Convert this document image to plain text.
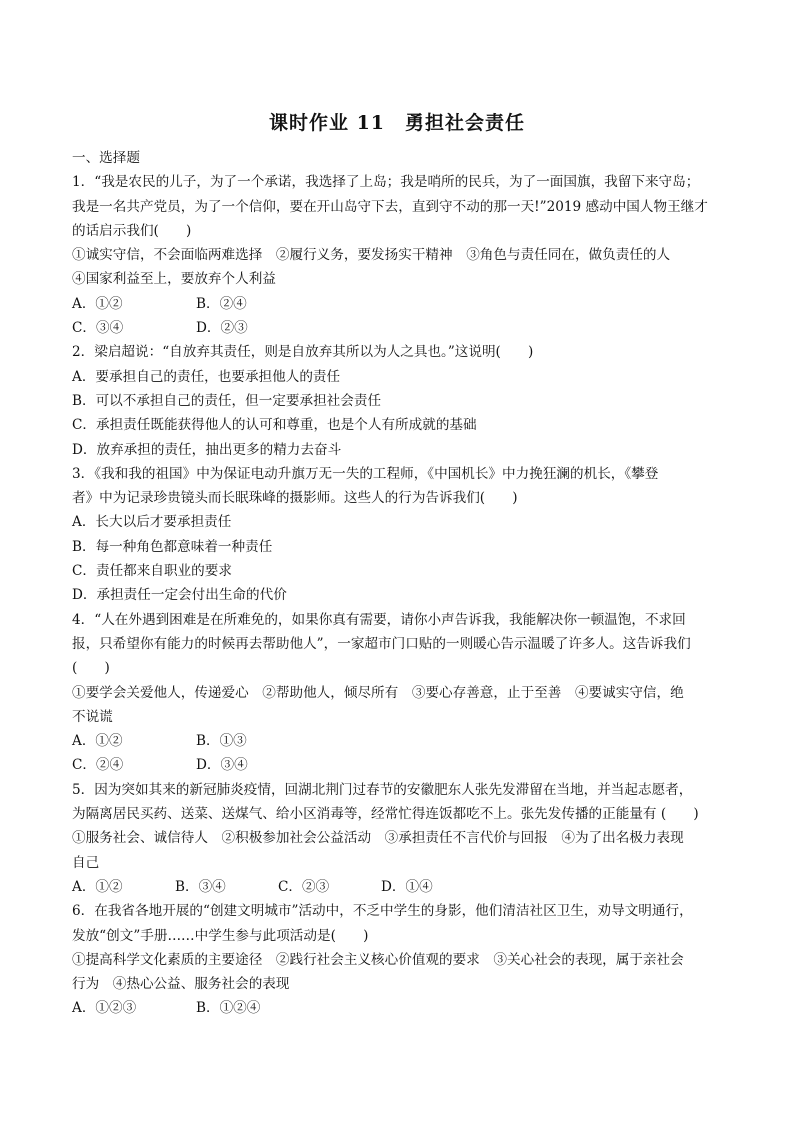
课时作业 11　勇担社会责任
一、选择题
1．“我是农民的儿子，为了一个承诺，我选择了上岛；我是哨所的民兵，为了一面国旗，我留下来守岛；
我是一名共产党员，为了一个信仰，要在开山岛守下去，直到守不动的那一天!”2019 感动中国人物王继才
的话启示我们(　　)
①诚实守信，不会面临两难选择　②履行义务，要发扬实干精神　③角色与责任同在，做负责任的人
④国家利益至上，要放弃个人利益
A．①②	B．②④
C．③④	D．②③
2．梁启超说：“自放弃其责任，则是自放弃其所以为人之具也。”这说明(　　)
A．要承担自己的责任，也要承担他人的责任
B．可以不承担自己的责任，但一定要承担社会责任
C．承担责任既能获得他人的认可和尊重，也是个人有所成就的基础
D．放弃承担的责任，抽出更多的精力去奋斗
3．《我和我的祖国》中为保证电动升旗万无一失的工程师，《中国机长》中力挽狂澜的机长，《攀登
者》中为记录珍贵镜头而长眠珠峰的摄影师。这些人的行为告诉我们(　　)
A．长大以后才要承担责任
B．每一种角色都意味着一种责任
C．责任都来自职业的要求
D．承担责任一定会付出生命的代价
4．“人在外遇到困难是在所难免的，如果你真有需要，请你小声告诉我，我能解决你一顿温饱，不求回
报，只希望你有能力的时候再去帮助他人”，一家超市门口贴的一则暖心告示温暖了许多人。这告诉我们
(　　)
①要学会关爱他人，传递爱心　②帮助他人，倾尽所有　③要心存善意，止于至善　④要诚实守信，绝
不说谎
A．①②	B．①③
C．②④	D．③④
5．因为突如其来的新冠肺炎疫情，回湖北荆门过春节的安徽肥东人张先发滞留在当地，并当起志愿者，
为隔离居民买药、送菜、送煤气、给小区消毒等，经常忙得连饭都吃不上。张先发传播的正能量有 (　　)
①服务社会、诚信待人　②积极参加社会公益活动　③承担责任不言代价与回报　④为了出名极力表现
自己
A．①②	B．③④	C．②③	D．①④
6．在我省各地开展的“创建文明城市”活动中，不乏中学生的身影，他们清洁社区卫生，劝导文明通行，
发放“创文”手册……中学生参与此项活动是(　　)
①提高科学文化素质的主要途径　②践行社会主义核心价值观的要求　③关心社会的表现，属于亲社会
行为　④热心公益、服务社会的表现
A．①②③	B．①②④
